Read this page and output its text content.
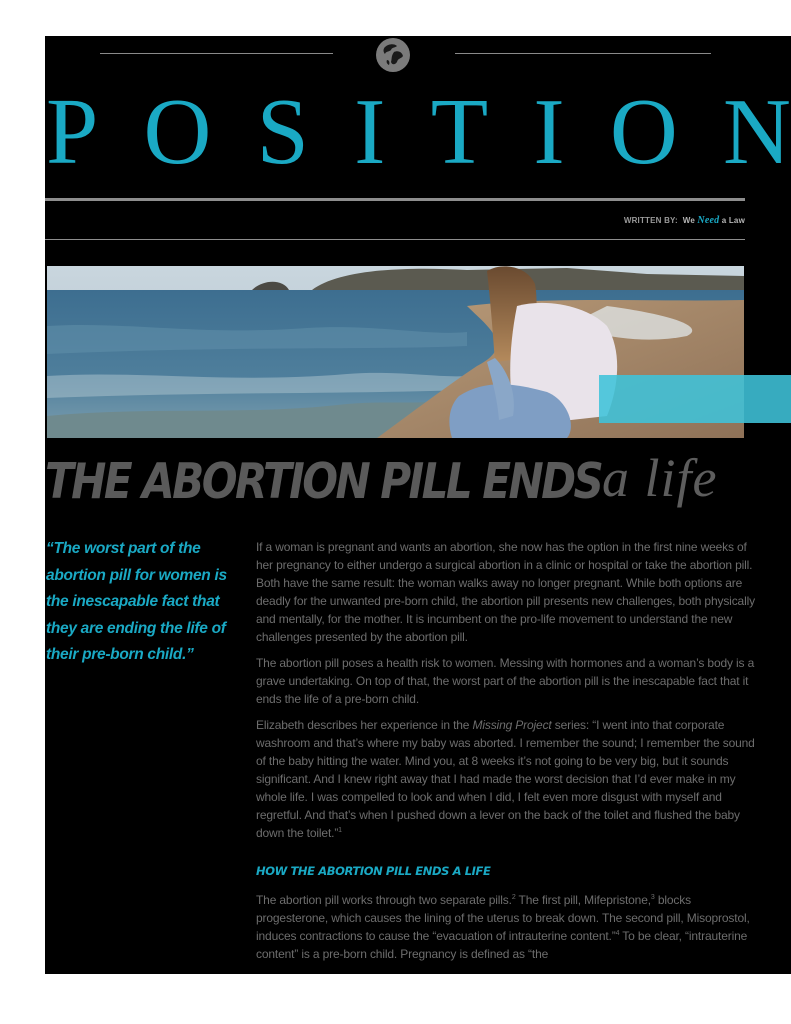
P O S I T I O N
WRITTEN BY: We Need a Law
THE ABORTION PILL ENDS a life
“The worst part of the abortion pill for women is the inescapable fact that they are ending the life of their pre-born child.”

If a woman is pregnant and wants an abortion, she now has the option in the first nine weeks of her pregnancy to either undergo a surgical abortion in a clinic or hospital or take the abortion pill. Both have the same result: the woman walks away no longer pregnant. While both options are deadly for the unwanted pre-born child, the abortion pill presents new challenges, both physically and mentally, for the mother. It is incumbent on the pro-life movement to understand the new challenges presented by the abortion pill.

The abortion pill poses a health risk to women. Messing with hormones and a woman’s body is a grave undertaking. On top of that, the worst part of the abortion pill is the inescapable fact that it ends the life of a pre-born child.

Elizabeth describes her experience in the Missing Project series: “I went into that corporate washroom and that’s where my baby was aborted. I remember the sound; I remember the sound of the baby hitting the water. Mind you, at 8 weeks it’s not going to be very big, but it sounds significant. And I knew right away that I had made the worst decision that I’d ever make in my whole life. I was compelled to look and when I did, I felt even more disgust with myself and regretful. And that’s when I pushed down a lever on the back of the toilet and flushed the baby down the toilet.”$^1$

HOW THE ABORTION PILL ENDS A LIFE

The abortion pill works through two separate pills.$^2$ The first pill, Mifepristone,$^3$ blocks progesterone, which causes the lining of the uterus to break down. The second pill, Misoprostol, induces contractions to cause the “evacuation of intrauterine content.”$^4$ To be clear, “intrauterine content” is a pre-born child. Pregnancy is defined as “the
